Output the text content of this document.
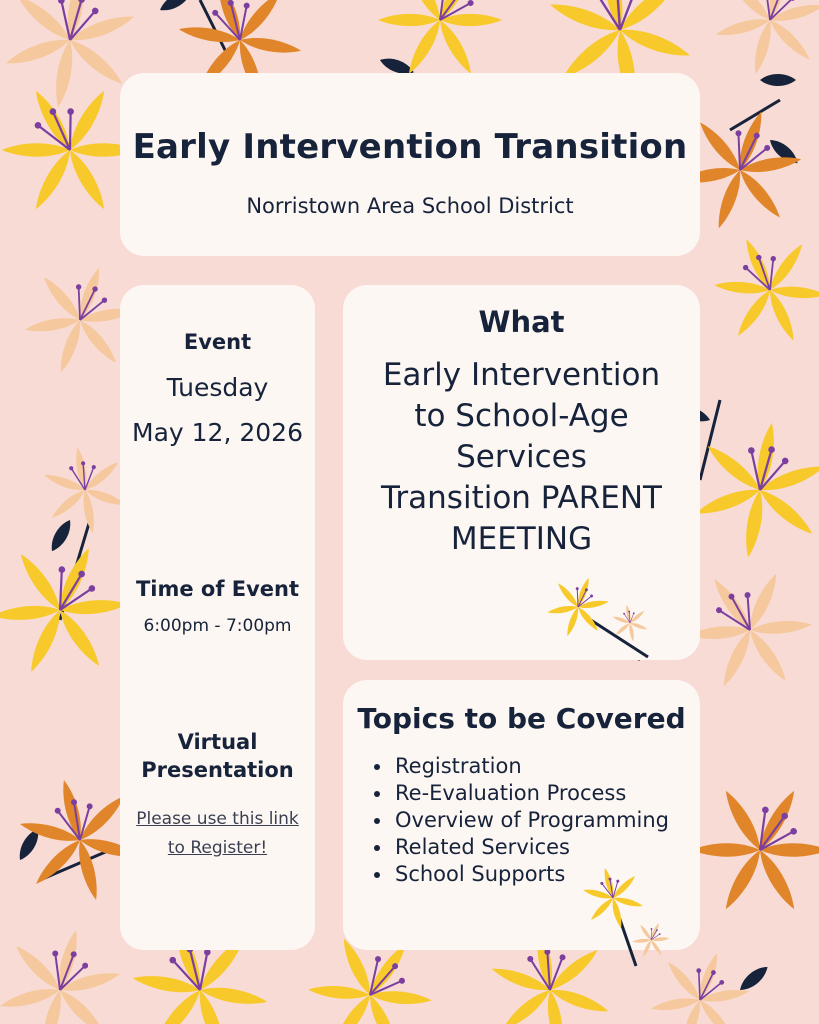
Early Intervention Transition
Norristown Area School District
Event
Tuesday
May 12, 2026
Time of Event
6:00pm - 7:00pm
Virtual
Presentation
Please use this link
to Register!
What
Early Intervention
to School-Age
Services
Transition PARENT
MEETING
Topics to be Covered
• Registration
• Re-Evaluation Process
• Overview of Programming
• Related Services
• School Supports
